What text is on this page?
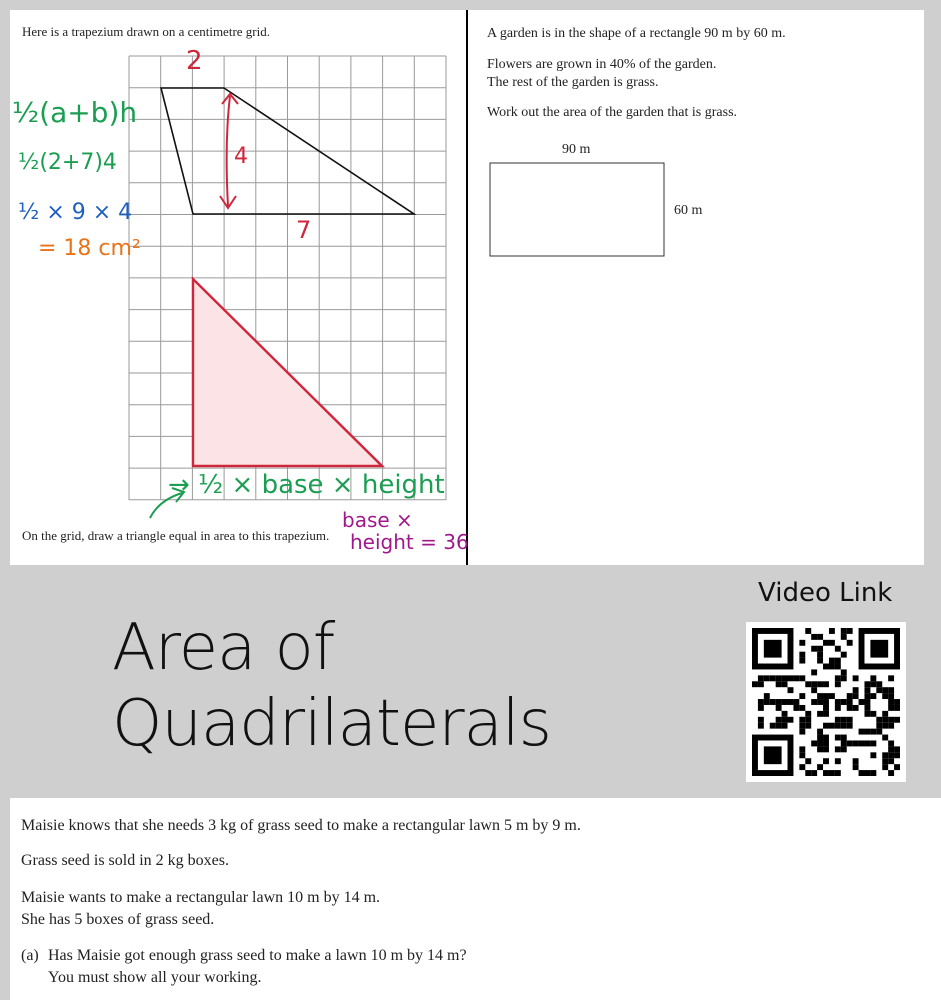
Here is a trapezium drawn on a centimetre grid.
On the grid, draw a triangle equal in area to this trapezium.
2
4
7
½(a+b)h
½(2+7)4
½ × 9 × 4
= 18 cm²
→ ½ × base × height
base ×
height = 36
A garden is in the shape of a rectangle 90 m by 60 m.
Flowers are grown in 40% of the garden.
The rest of the garden is grass.
Work out the area of the garden that is grass.
90 m
60 m
Area of
Quadrilaterals
Video Link
Maisie knows that she needs 3 kg of grass seed to make a rectangular lawn 5 m by 9 m.
Grass seed is sold in 2 kg boxes.
Maisie wants to make a rectangular lawn 10 m by 14 m.
She has 5 boxes of grass seed.
(a) Has Maisie got enough grass seed to make a lawn 10 m by 14 m?
You must show all your working.
